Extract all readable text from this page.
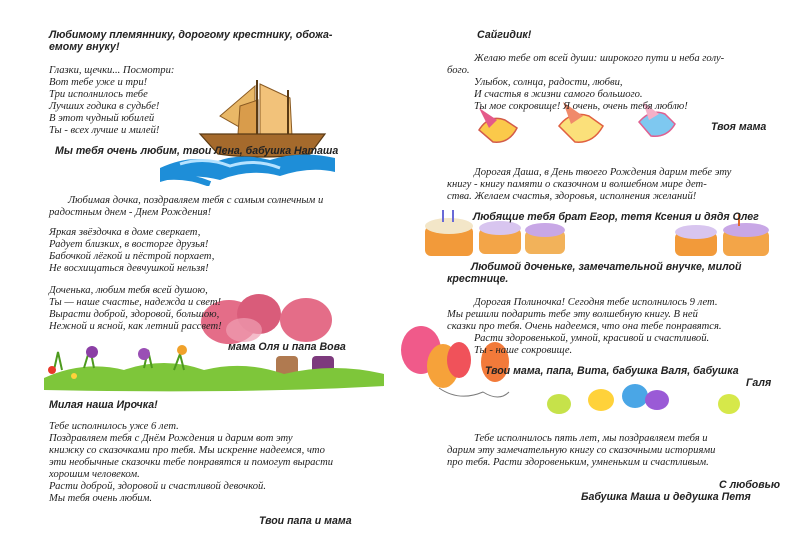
Любимому племяннику, дорогому крестнику, обожа-
емому внуку!
Глазки, щечки... Посмотри:
Вот тебе уже и три!
Три исполнилось тебе
Лучших годика в судьбе!
В этот чудный юбилей
Ты - всех лучше и милей!
Мы тебя очень любим, твои Лена, бабушка Наташа
Любимая дочка, поздравляем тебя с самым солнечным и
радостным днем - Днем Рождения!
Яркая звёздочка в доме сверкает,
Радует близких, в восторге друзья!
Бабочкой лёгкой и пёстрой порхает,
Не восхищаться девчушкой нельзя!
Доченька, любим тебя всей душою,
Ты — наше счастье, надежда и свет!
Вырасти доброй, здоровой, большою,
Нежной и ясной, как летний рассвет!
мама Оля и папа Вова
Милая наша Ирочка!
Тебе исполнилось уже 6 лет.
Поздравляем тебя с Днём Рождения и дарим вот эту
книжку со сказочками про тебя. Мы искренне надеемся, что
эти необычные сказочки тебе понравятся и помогут вырасти
хорошим человеком.
Расти доброй, здоровой и счастливой девочкой.
Мы тебя очень любим.
Твои папа и мама
Сайгидик!
Желаю тебе от всей души: широкого пути и неба голу-
бого.
Улыбок, солнца, радости, любви,
И счастья в жизни самого большого.
Ты мое сокровище! Я очень, очень тебя люблю!
Твоя мама
Дорогая Даша, в День твоего Рождения дарим тебе эту
книгу - книгу памяти о сказочном и волшебном мире дет-
ства. Желаем счастья, здоровья, исполнения желаний!
Любящие тебя брат Егор, тетя Ксения и дядя Олег
Любимой доченьке, замечательной внучке, милой
крестнице.
Дорогая Полиночка! Сегодня тебе исполнилось 9 лет.
Мы решили подарить тебе эту волшебную книгу. В ней
сказки про тебя. Очень надеемся, что она тебе понравятся.
Расти здоровенькой, умной, красивой и счастливой.
Ты - наше сокровище.
Твои мама, папа, Вита, бабушка Валя, бабушка
Галя
Тебе исполнилось пять лет, мы поздравляем тебя и
дарим эту замечательную книгу со сказочными историями
про тебя. Расти здоровеньким, умненьким и счастливым.
С любовью
Бабушка Маша и дедушка Петя
